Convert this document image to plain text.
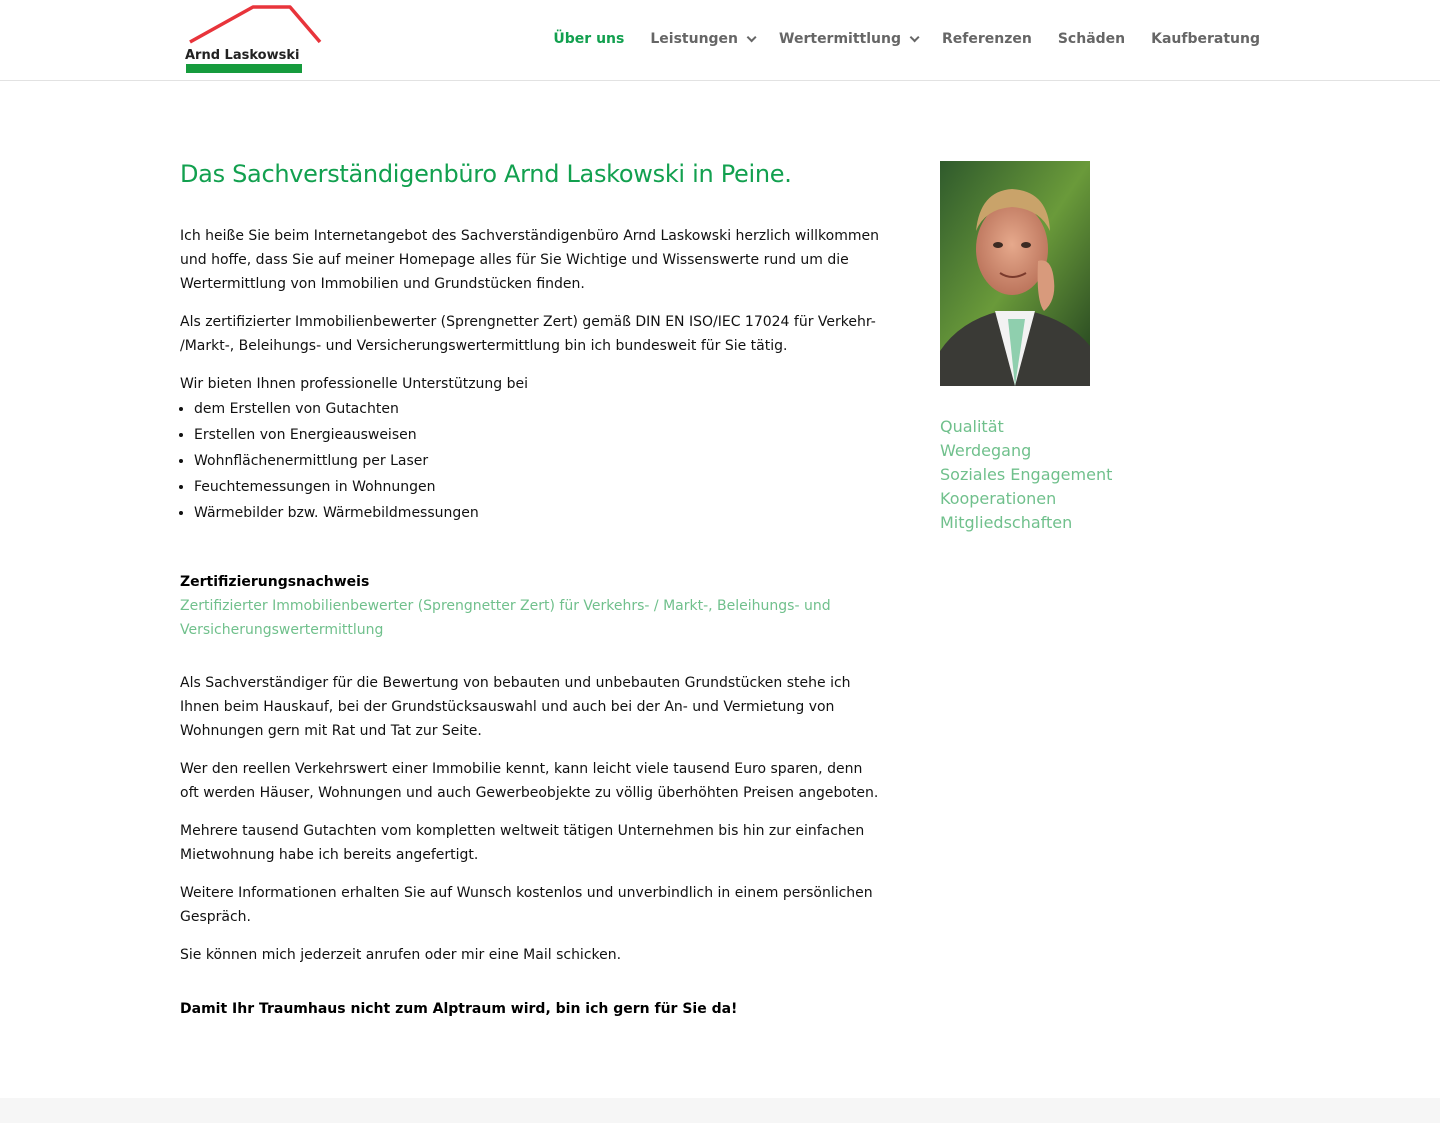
Arnd Laskowski
Über uns Leistungen	Wertermittlung	Referenzen Schäden Kaufberatung
Das Sachverständigenbüro Arnd Laskowski in Peine.

Ich heiße Sie beim Internetangebot des Sachverständigenbüro Arnd Laskowski herzlich willkommen und hoffe, dass Sie auf meiner Homepage alles für Sie Wichtige und Wissenswerte rund um die Wertermittlung von Immobilien und Grundstücken finden.

Als zertifizierter Immobilienbewerter (Sprengnetter Zert) gemäß DIN EN ISO/IEC 17024 für Verkehr- /Markt-, Beleihungs- und Versicherungswertermittlung bin ich bundesweit für Sie tätig.

Wir bieten Ihnen professionelle Unterstützung bei

• dem Erstellen von Gutachten
• Erstellen von Energieausweisen
• Wohnflächenermittlung per Laser
• Feuchtemessungen in Wohnungen
• Wärmebilder bzw. Wärmebildmessungen
Zertifizierungsnachweis
Zertifizierter Immobilienbewerter (Sprengnetter Zert) für Verkehrs- / Markt-, Beleihungs- und Versicherungswertermittlung

Als Sachverständiger für die Bewertung von bebauten und unbebauten Grundstücken stehe ich Ihnen beim Hauskauf, bei der Grundstücksauswahl und auch bei der An- und Vermietung von Wohnungen gern mit Rat und Tat zur Seite.

Wer den reellen Verkehrswert einer Immobilie kennt, kann leicht viele tausend Euro sparen, denn oft werden Häuser, Wohnungen und auch Gewerbeobjekte zu völlig überhöhten Preisen angeboten.

Mehrere tausend Gutachten vom kompletten weltweit tätigen Unternehmen bis hin zur einfachen Mietwohnung habe ich bereits angefertigt.

Weitere Informationen erhalten Sie auf Wunsch kostenlos und unverbindlich in einem persönlichen Gespräch.

Sie können mich jederzeit anrufen oder mir eine Mail schicken.

Damit Ihr Traumhaus nicht zum Alptraum wird, bin ich gern für Sie da!

Qualität
Werdegang
Soziales Engagement
Kooperationen
Mitgliedschaften
